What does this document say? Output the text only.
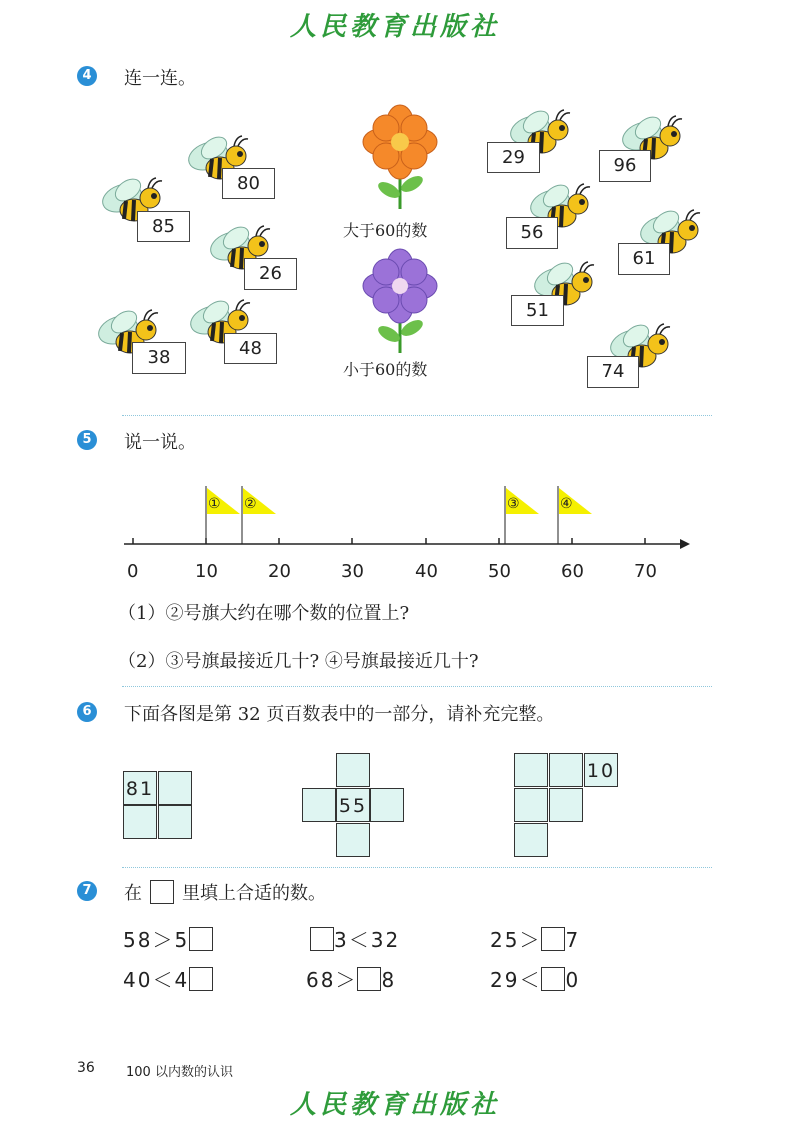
人民教育出版社
4	连一连。
80
85
26
38	48
大于60的数
小于60的数
29	96
56
61
51
74
5	说一说。
① ②	③	④
0	10	20	30	40	50	60	70
（1）②号旗大约在哪个数的位置上?
（2）③号旗最接近几十? ④号旗最接近几十?
6	下面各图是第 32 页百数表中的一部分，请补充完整。
81
55
10
7	在 里填上合适的数。
58＞5	3＜32	25＞ 7
40＜4	68＞ 8	29＜ 0
36 100 以内数的认识
人民教育出版社
